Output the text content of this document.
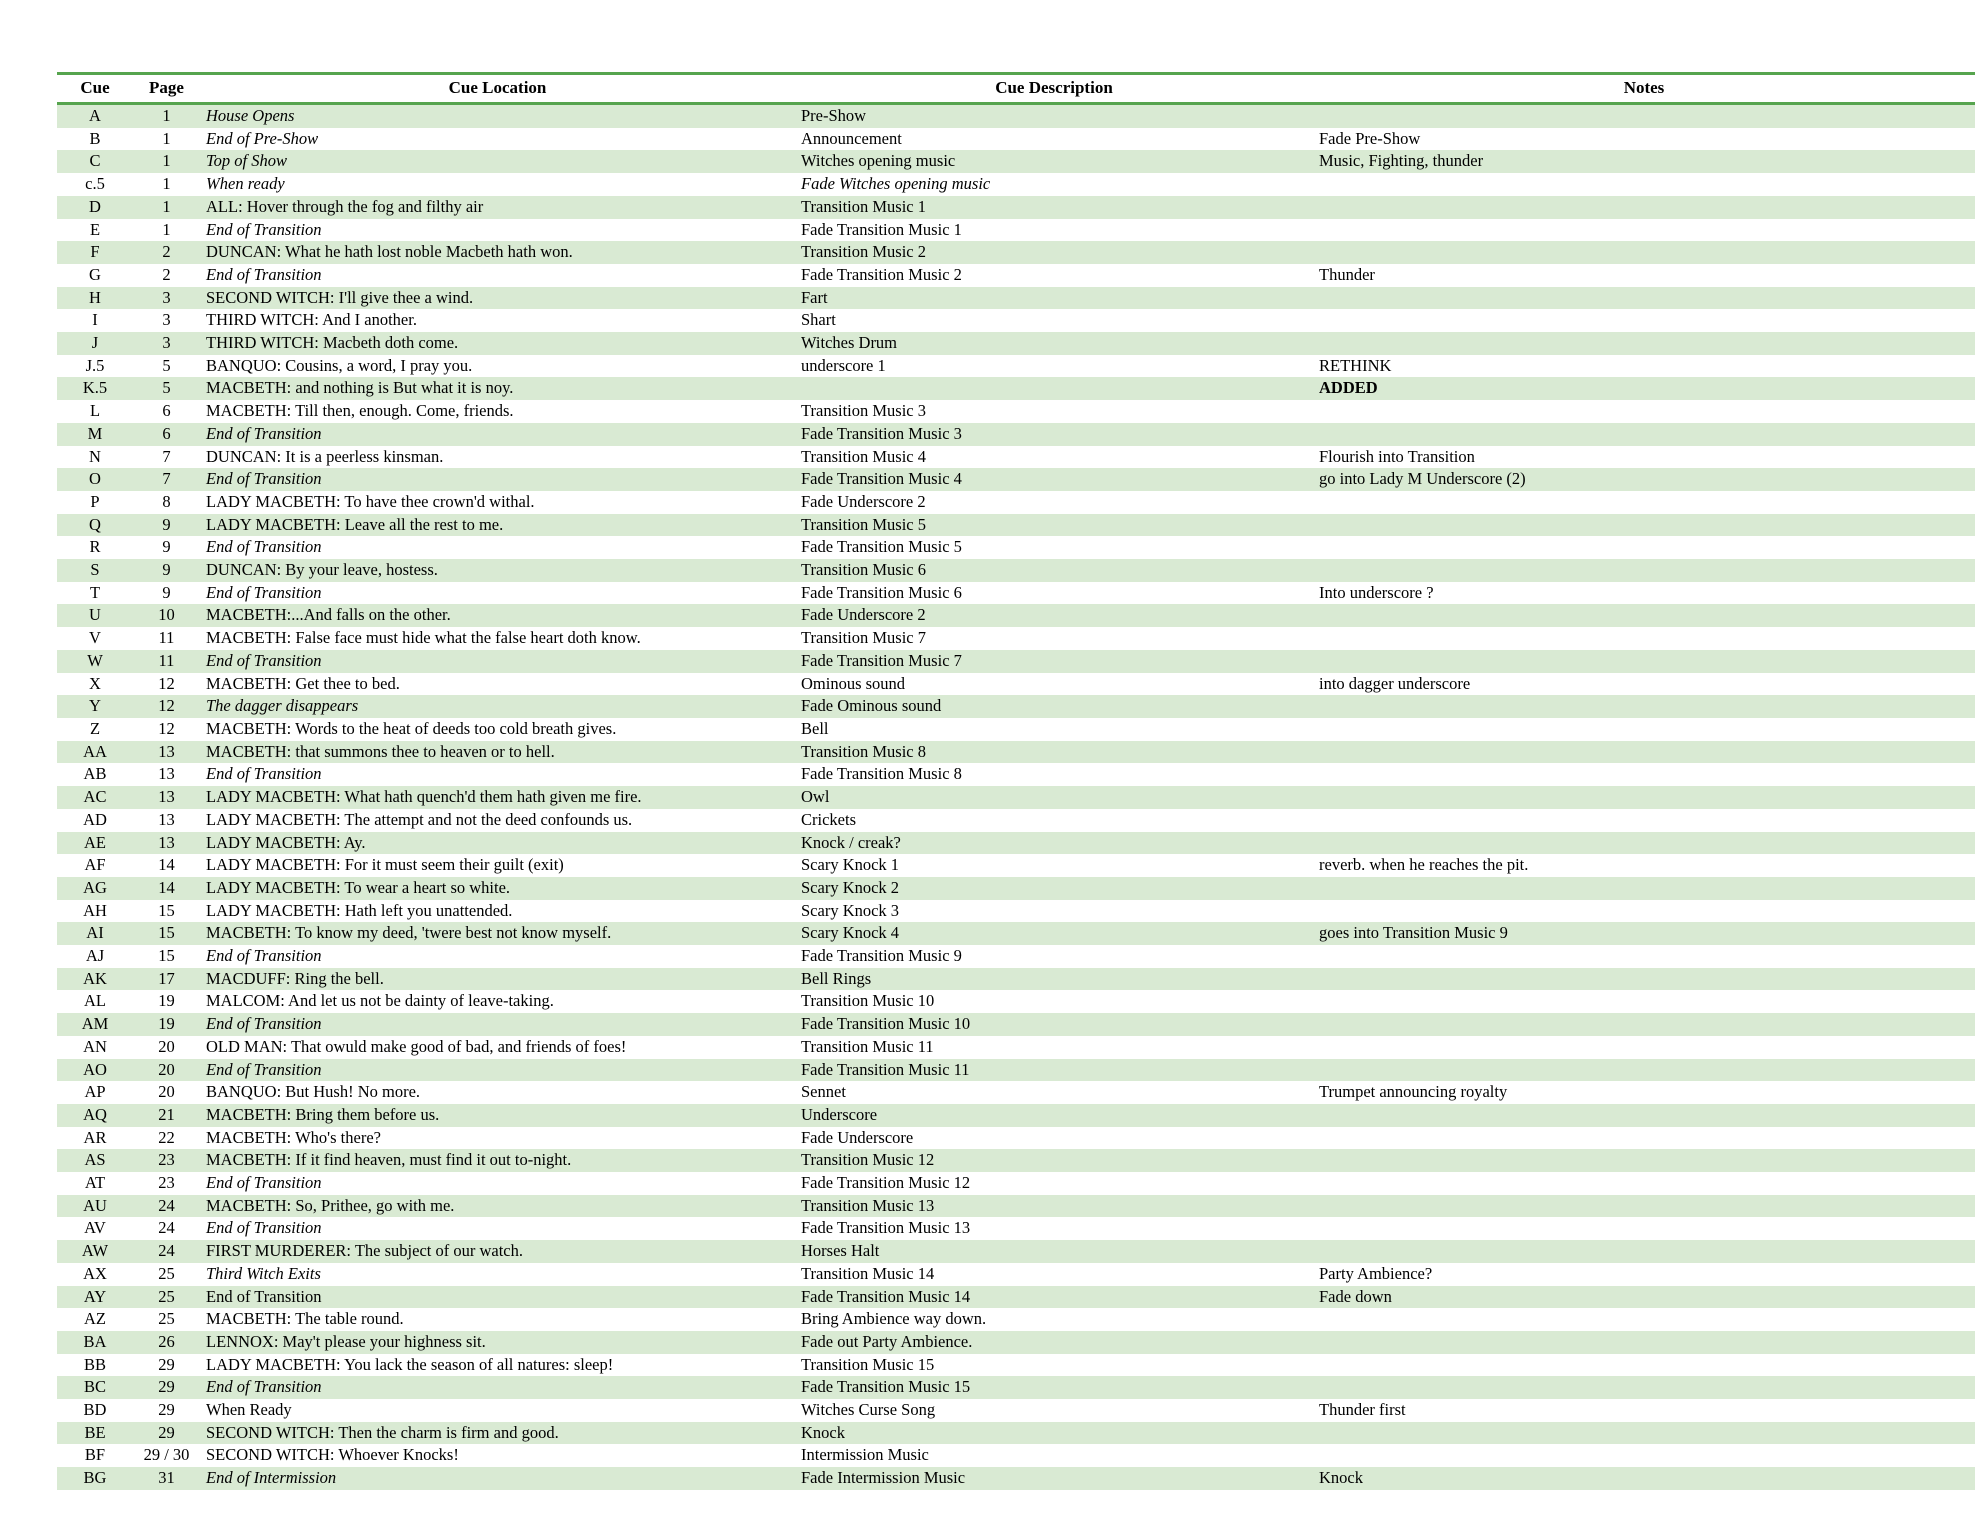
Cue	Page	Cue Location	Cue Description	Notes
A	1	House Opens	Pre-Show	
B	1	End of Pre-Show	Announcement	Fade Pre-Show
C	1	Top of Show	Witches opening music	Music, Fighting, thunder
c.5	1	When ready	Fade Witches opening music	
D	1	ALL: Hover through the fog and filthy air	Transition Music 1	
E	1	End of Transition	Fade Transition Music 1	
F	2	DUNCAN: What he hath lost noble Macbeth hath won.	Transition Music 2	
G	2	End of Transition	Fade Transition Music 2	Thunder
H	3	SECOND WITCH: I'll give thee a wind.	Fart	
I	3	THIRD WITCH: And I another.	Shart	
J	3	THIRD WITCH: Macbeth doth come.	Witches Drum	
J.5	5	BANQUO: Cousins, a word, I pray you.	underscore 1	RETHINK
K.5	5	MACBETH: and nothing is But what it is noy.		ADDED
L	6	MACBETH: Till then, enough. Come, friends.	Transition Music 3	
M	6	End of Transition	Fade Transition Music 3	
N	7	DUNCAN: It is a peerless kinsman.	Transition Music 4	Flourish into Transition
O	7	End of Transition	Fade Transition Music 4	go into Lady M Underscore (2)
P	8	LADY MACBETH: To have thee crown'd withal.	Fade Underscore 2	
Q	9	LADY MACBETH: Leave all the rest to me.	Transition Music 5	
R	9	End of Transition	Fade Transition Music 5	
S	9	DUNCAN: By your leave, hostess.	Transition Music 6	
T	9	End of Transition	Fade Transition Music 6	Into underscore ?
U	10	MACBETH:...And falls on the other.	Fade Underscore 2	
V	11	MACBETH: False face must hide what the false heart doth know.	Transition Music 7	
W	11	End of Transition	Fade Transition Music 7	
X	12	MACBETH: Get thee to bed.	Ominous sound	into dagger underscore
Y	12	The dagger disappears	Fade Ominous sound	
Z	12	MACBETH: Words to the heat of deeds too cold breath gives.	Bell	
AA	13	MACBETH: that summons thee to heaven or to hell.	Transition Music 8	
AB	13	End of Transition	Fade Transition Music 8	
AC	13	LADY MACBETH: What hath quench'd them hath given me fire.	Owl	
AD	13	LADY MACBETH: The attempt and not the deed confounds us.	Crickets	
AE	13	LADY MACBETH: Ay.	Knock / creak?	
AF	14	LADY MACBETH: For it must seem their guilt (exit)	Scary Knock 1	reverb. when he reaches the pit.
AG	14	LADY MACBETH: To wear a heart so white.	Scary Knock 2	
AH	15	LADY MACBETH: Hath left you unattended.	Scary Knock 3	
AI	15	MACBETH: To know my deed, 'twere best not know myself.	Scary Knock 4	goes into Transition Music 9
AJ	15	End of Transition	Fade Transition Music 9	
AK	17	MACDUFF: Ring the bell.	Bell Rings	
AL	19	MALCOM: And let us not be dainty of leave-taking.	Transition Music 10	
AM	19	End of Transition	Fade Transition Music 10	
AN	20	OLD MAN: That owuld make good of bad, and friends of foes!	Transition Music 11	
AO	20	End of Transition	Fade Transition Music 11	
AP	20	BANQUO: But Hush! No more.	Sennet	Trumpet announcing royalty
AQ	21	MACBETH: Bring them before us.	Underscore	
AR	22	MACBETH: Who's there?	Fade Underscore	
AS	23	MACBETH: If it find heaven, must find it out to-night.	Transition Music 12	
AT	23	End of Transition	Fade Transition Music 12	
AU	24	MACBETH: So, Prithee, go with me.	Transition Music 13	
AV	24	End of Transition	Fade Transition Music 13	
AW	24	FIRST MURDERER: The subject of our watch.	Horses Halt	
AX	25	Third Witch Exits	Transition Music 14	Party Ambience?
AY	25	End of Transition	Fade Transition Music 14	Fade down
AZ	25	MACBETH: The table round.	Bring Ambience way down.	
BA	26	LENNOX: May't please your highness sit.	Fade out Party Ambience.	
BB	29	LADY MACBETH: You lack the season of all natures: sleep!	Transition Music 15	
BC	29	End of Transition	Fade Transition Music 15	
BD	29	When Ready	Witches Curse Song	Thunder first
BE	29	SECOND WITCH: Then the charm is firm and good.	Knock	
BF	29 / 30	SECOND WITCH: Whoever Knocks!	Intermission Music	
BG	31	End of Intermission	Fade Intermission Music	Knock
